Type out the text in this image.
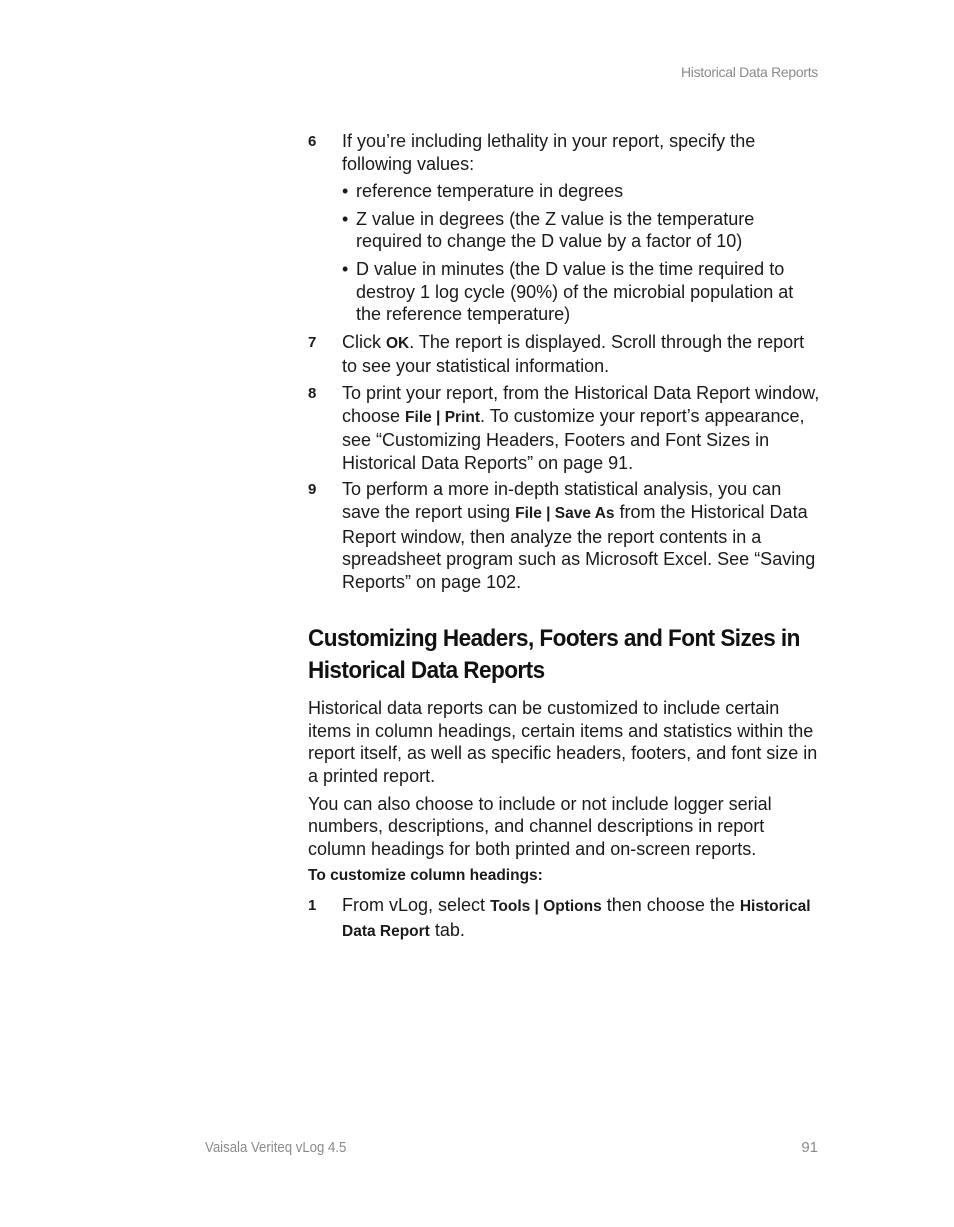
Historical Data Reports
6 If you’re including lethality in your report, specify the following values:
• reference temperature in degrees
• Z value in degrees (the Z value is the temperature required to change the D value by a factor of 10)
• D value in minutes (the D value is the time required to destroy 1 log cycle (90%) of the microbial population at the reference temperature)
7 Click OK. The report is displayed. Scroll through the report to see your statistical information.
8 To print your report, from the Historical Data Report window, choose File | Print. To customize your report’s appearance, see “Customizing Headers, Footers and Font Sizes in Historical Data Reports” on page 91.
9 To perform a more in-depth statistical analysis, you can save the report using File | Save As from the Historical Data Report window, then analyze the report contents in a spreadsheet program such as Microsoft Excel. See “Saving Reports” on page 102.
Customizing Headers, Footers and Font Sizes in Historical Data Reports

Historical data reports can be customized to include certain items in column headings, certain items and statistics within the report itself, as well as specific headers, footers, and font size in a printed report.

You can also choose to include or not include logger serial numbers, descriptions, and channel descriptions in report column headings for both printed and on-screen reports.

To customize column headings:
1 From vLog, select Tools | Options then choose the Historical Data Report tab.
Vaisala Veriteq vLog 4.5	91
